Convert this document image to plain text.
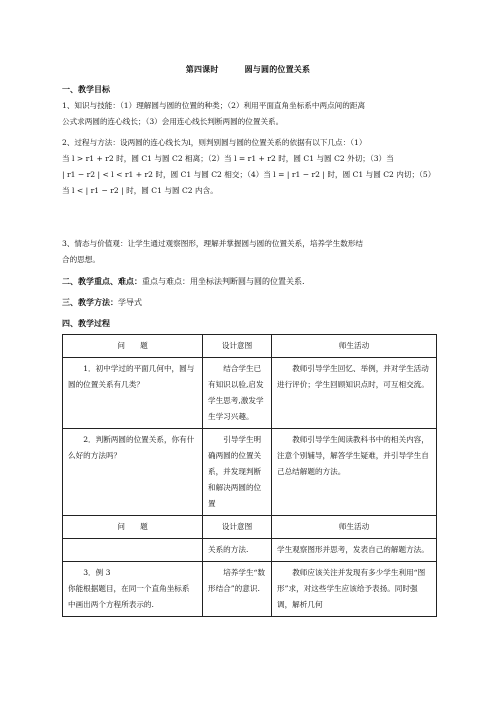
第四课时	圆与圆的位置关系
一、教学目标
1、知识与技能：（1）理解圆与圆的位置的种类；（2）利用平面直角坐标系中两点间的距离
公式求两圆的连心线长；（3）会用连心线长判断两圆的位置关系。
2、过程与方法：设两圆的连心线长为l，则判别圆与圆的位置关系的依据有以下几点：（1）
当 l > r1 + r2 时，圆 C1 与圆 C2 相离；（2）当 l = r1 + r2 时，圆 C1 与圆 C2 外切；（3）当
| r1 − r2 | < l < r1 + r2 时，圆 C1 与圆 C2 相交；（4）当 l = | r1 − r2 | 时，圆 C1 与圆 C2 内切；（5）
当 l < | r1 − r2 | 时，圆 C1 与圆 C2 内含。
3、情态与价值观：让学生通过观察图形，理解并掌握圆与圆的位置关系，培养学生数形结
合的思想。
二、教学重点、难点：重点与难点：用坐标法判断圆与圆的位置关系.
三、教学方法：学导式
四、教学过程
问　　题	设计意图	师生活动
1．初中学过的平面几何中，圆与圆的位置关系有几类？	结合学生已有知识以验,启发学生思考,激发学生学习兴趣。	教师引导学生回忆、举例，并对学生活动进行评价；学生回顾知识点时，可互相交流。
2．判断两圆的位置关系，你有什么好的方法吗？	引导学生明确两圆的位置关系，并发现判断和解决两圆的位置	教师引导学生阅读教科书中的相关内容，注意个别辅导，解答学生疑难，并引导学生自己总结解题的方法。
问　　题	设计意图	师生活动
	关系的方法.	学生观察图形并思考，发表自己的解题方法。

3．例 3
你能根据题目，在同一个直角坐标系中画出两个方程所表示的.	培养学生“数形结合”的意识.	教师应该关注并发现有多少学生利用“图形”求，对这些学生应该给予表扬。同时强调，解析几何
